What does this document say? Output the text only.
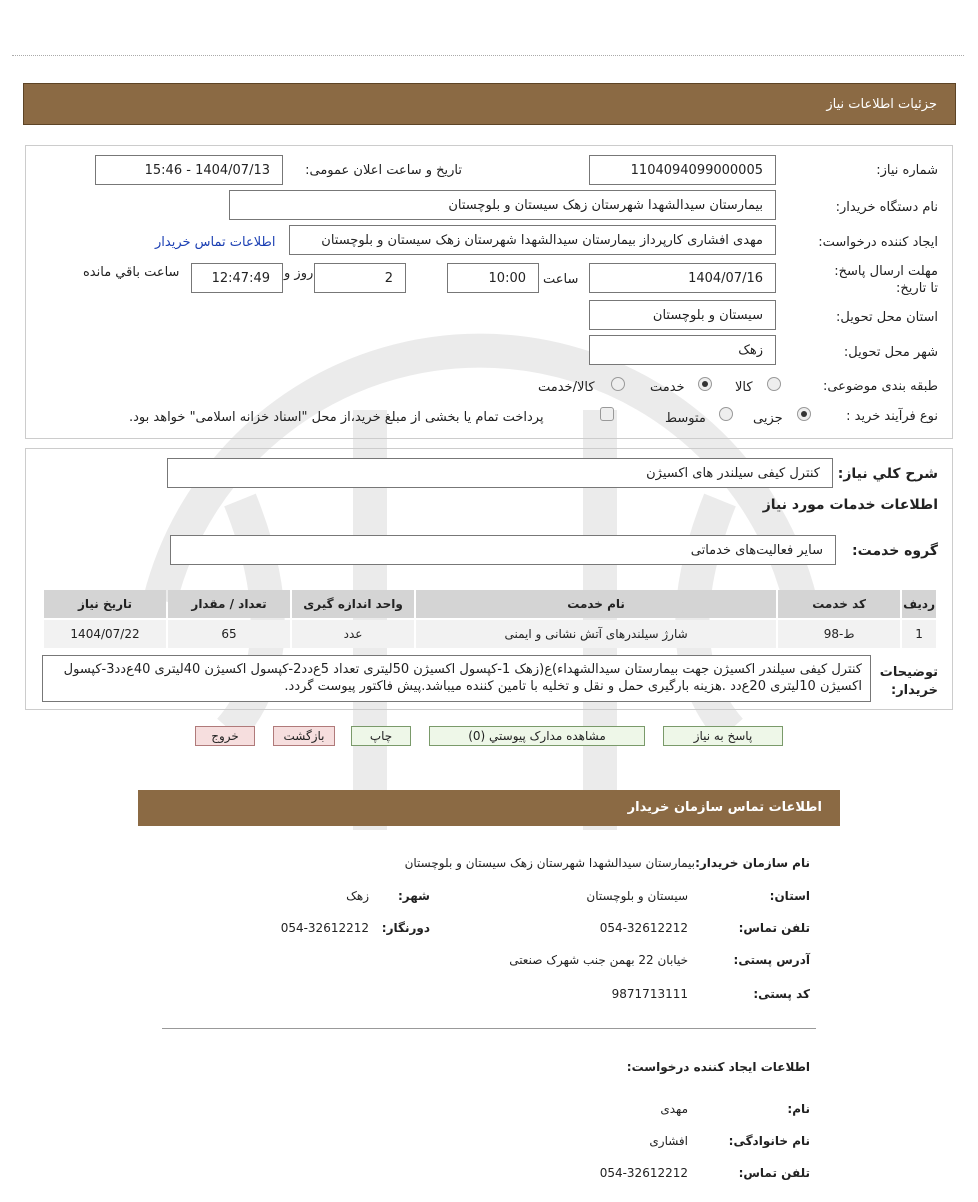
جزئیات اطلاعات نیاز
شماره نیاز:
1104094099000005
تاریخ و ساعت اعلان عمومی:
1404/07/13 - 15:46
نام دستگاه خریدار:
بیمارستان سیدالشهدا شهرستان زهک سیستان و بلوچستان
ایجاد کننده درخواست:
مهدی افشاری کارپرداز بیمارستان سیدالشهدا شهرستان زهک سیستان و بلوچستان
اطلاعات تماس خریدار
مهلت ارسال پاسخ: تا تاریخ:
1404/07/16
ساعت
10:00
2
روز و
12:47:49
ساعت باقي مانده
استان محل تحویل:
سیستان و بلوچستان
شهر محل تحویل:
زهک
طبقه بندی موضوعی:
کالا
خدمت
کالا/خدمت
نوع فرآیند خرید :
جزیی
متوسط
پرداخت تمام یا بخشی از مبلغ خرید،از محل "اسناد خزانه اسلامی" خواهد بود.
شرح کلي نیاز:
کنترل کیفی سیلندر های اکسیژن
اطلاعات خدمات مورد نیاز
گروه خدمت:
سایر فعالیت‌های خدماتی
ردیف	کد خدمت	نام خدمت	واحد اندازه گیری	تعداد / مقدار	تاریخ نیاز
1	ط-98	شارژ سیلندرهای آتش نشانی و ایمنی	عدد	65	1404/07/22
توضیحات خریدار:
کنترل کیفی سیلندر اکسیژن جهت بیمارستان سیدالشهداء)ع(زهک 1-کپسول اکسیژن 50لیتری تعداد 5ع‌دد2-کپسول اکسیژن 40لیتری 40ع‌دد3-کپسول اکسیژن 10لیتری 20ع‌دد .هزینه بارگیری حمل و نقل و تخلیه با تامین کننده میباشد.پیش فاکتور پیوست گردد.
پاسخ به نیاز
مشاهده مدارک پیوستي (0)
چاپ
بازگشت
خروج
اطلاعات تماس سازمان خریدار
نام سازمان خریدار:
بیمارستان سیدالشهدا شهرستان زهک سیستان و بلوچستان
استان:
سیستان و بلوچستان
شهر:
زهک
تلفن تماس:
054-32612212
دورنگار:
054-32612212
آدرس پستی:
خیابان 22 بهمن جنب شهرک صنعتی
کد پستی:
9871713111
اطلاعات ایجاد کننده درخواست:
نام:
مهدی
نام خانوادگی:
افشاری
تلفن تماس:
054-32612212
